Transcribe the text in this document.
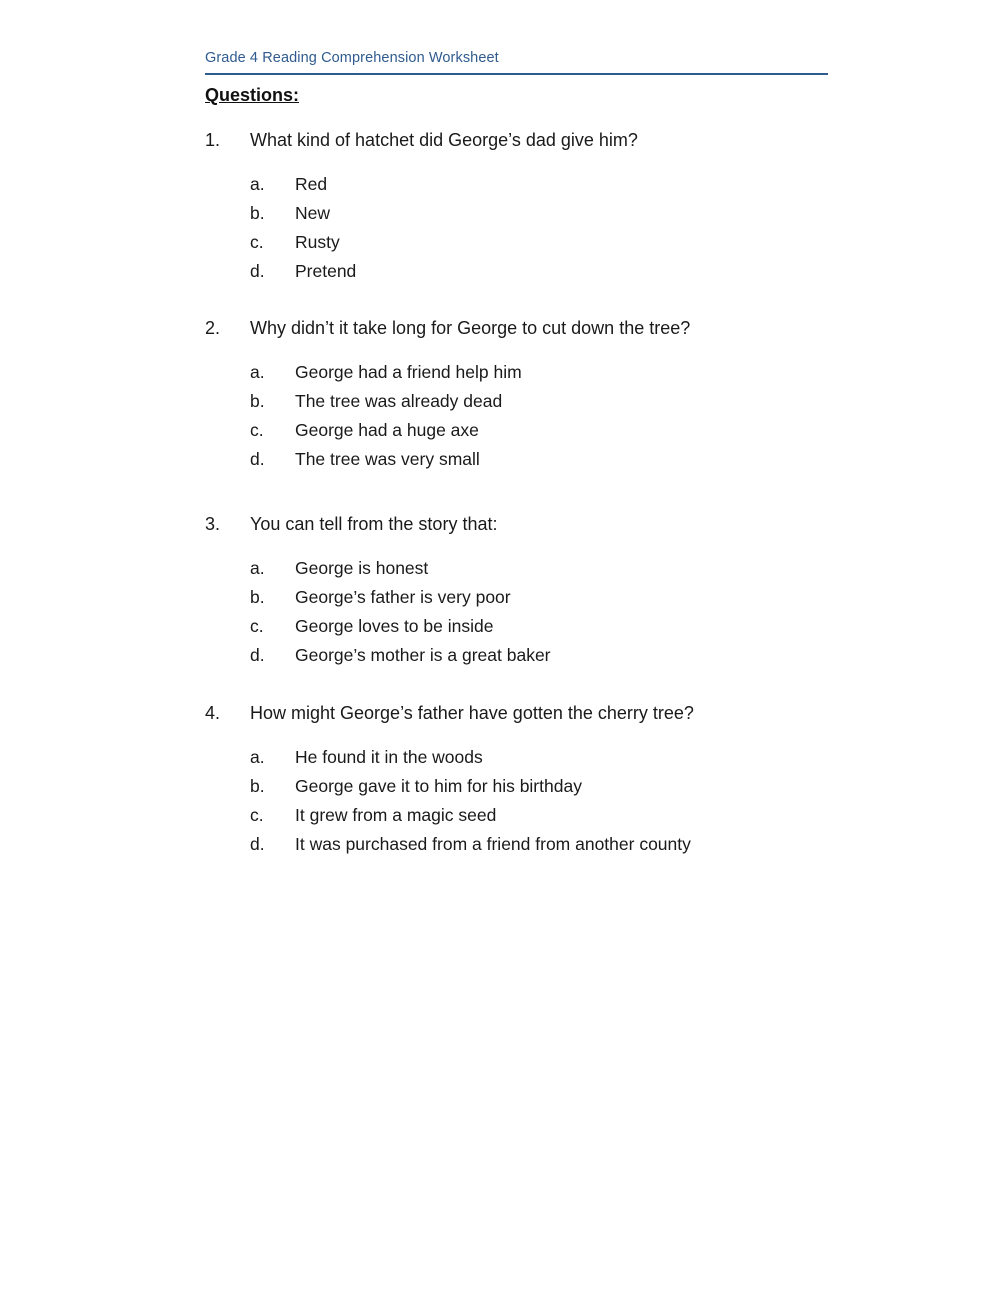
Grade 4 Reading Comprehension Worksheet
Questions:
1. What kind of hatchet did George’s dad give him?
a. Red
b. New
c. Rusty
d. Pretend
2. Why didn’t it take long for George to cut down the tree?
a. George had a friend help him
b. The tree was already dead
c. George had a huge axe
d. The tree was very small
3. You can tell from the story that:
a. George is honest
b. George’s father is very poor
c. George loves to be inside
d. George’s mother is a great baker
4. How might George’s father have gotten the cherry tree?
a. He found it in the woods
b. George gave it to him for his birthday
c. It grew from a magic seed
d. It was purchased from a friend from another county
